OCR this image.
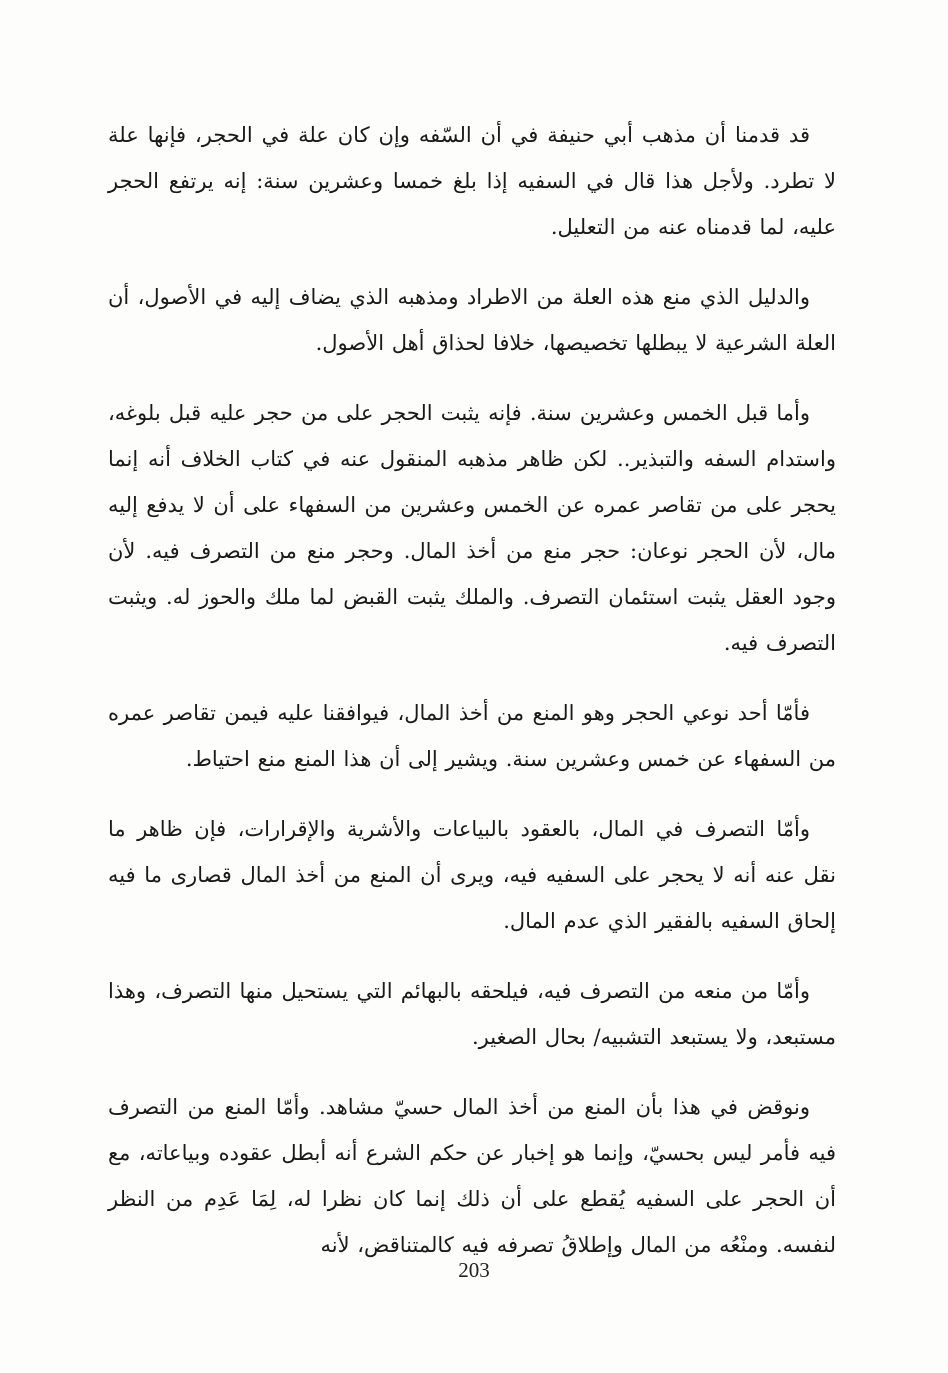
قد قدمنا أن مذهب أبي حنيفة في أن السّفه وإن كان علة في الحجر، فإنها علة لا تطرد. ولأجل هذا قال في السفيه إذا بلغ خمسا وعشرين سنة: إنه يرتفع الحجر عليه، لما قدمناه عنه من التعليل.

والدليل الذي منع هذه العلة من الاطراد ومذهبه الذي يضاف إليه في الأصول، أن العلة الشرعية لا يبطلها تخصيصها، خلافا لحذاق أهل الأصول.

وأما قبل الخمس وعشرين سنة. فإنه يثبت الحجر على من حجر عليه قبل بلوغه، واستدام السفه والتبذير.. لكن ظاهر مذهبه المنقول عنه في كتاب الخلاف أنه إنما يحجر على من تقاصر عمره عن الخمس وعشرين من السفهاء على أن لا يدفع إليه مال، لأن الحجر نوعان: حجر منع من أخذ المال. وحجر منع من التصرف فيه. لأن وجود العقل يثبت استئمان التصرف. والملك يثبت القبض لما ملك والحوز له. ويثبت التصرف فيه.

فأمّا أحد نوعي الحجر وهو المنع من أخذ المال، فيوافقنا عليه فيمن تقاصر عمره من السفهاء عن خمس وعشرين سنة. ويشير إلى أن هذا المنع منع احتياط.

وأمّا التصرف في المال، بالعقود بالبياعات والأشرية والإقرارات، فإن ظاهر ما نقل عنه أنه لا يحجر على السفيه فيه، ويرى أن المنع من أخذ المال قصارى ما فيه إلحاق السفيه بالفقير الذي عدم المال.

وأمّا من منعه من التصرف فيه، فيلحقه بالبهائم التي يستحيل منها التصرف، وهذا مستبعد، ولا يستبعد التشبيه/ بحال الصغير.

ونوقض في هذا بأن المنع من أخذ المال حسيّ مشاهد. وأمّا المنع من التصرف فيه فأمر ليس بحسيّ، وإنما هو إخبار عن حكم الشرع أنه أبطل عقوده وبياعاته، مع أن الحجر على السفيه يُقطع على أن ذلك إنما كان نظرا له، لِمَا عَدِم من النظر لنفسه. ومنْعُه من المال وإطلاقُ تصرفه فيه كالمتناقض، لأنه

203
